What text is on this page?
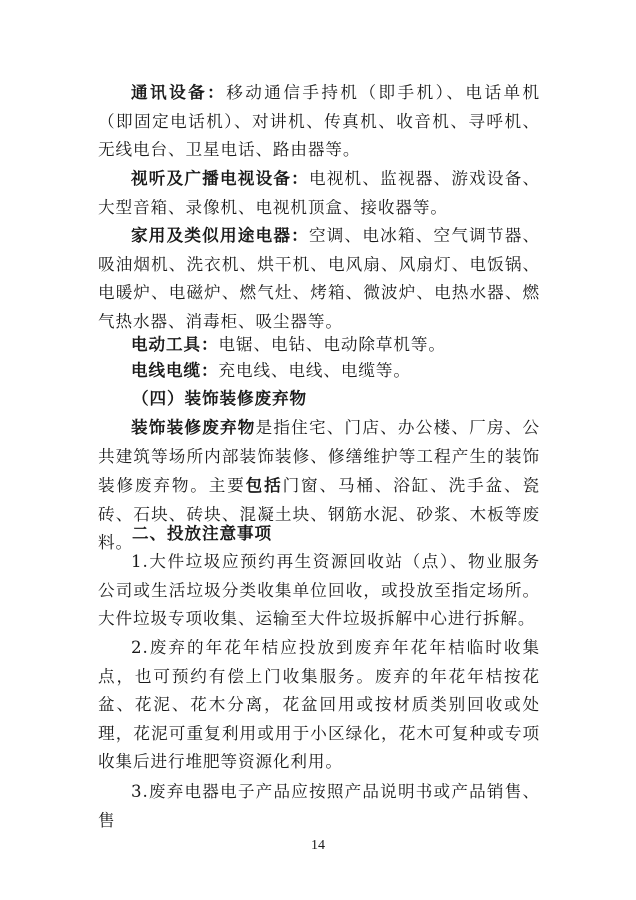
通讯设备：移动通信手持机（即手机）、电话单机（即固定电话机）、对讲机、传真机、收音机、寻呼机、无线电台、卫星电话、路由器等。

视听及广播电视设备：电视机、监视器、游戏设备、大型音箱、录像机、电视机顶盒、接收器等。

家用及类似用途电器：空调、电冰箱、空气调节器、吸油烟机、洗衣机、烘干机、电风扇、风扇灯、电饭锅、电暖炉、电磁炉、燃气灶、烤箱、微波炉、电热水器、燃气热水器、消毒柜、吸尘器等。

电动工具：电锯、电钻、电动除草机等。

电线电缆：充电线、电线、电缆等。

（四）装饰装修废弃物

装饰装修废弃物是指住宅、门店、办公楼、厂房、公共建筑等场所内部装饰装修、修缮维护等工程产生的装饰装修废弃物。主要包括门窗、马桶、浴缸、洗手盆、瓷砖、石块、砖块、混凝土块、钢筋水泥、砂浆、木板等废料。 二、投放注意事项

1.大件垃圾应预约再生资源回收站（点）、物业服务公司或生活垃圾分类收集单位回收，或投放至指定场所。大件垃圾专项收集、运输至大件垃圾拆解中心进行拆解。

2.废弃的年花年桔应投放到废弃年花年桔临时收集点，也可预约有偿上门收集服务。废弃的年花年桔按花盆、花泥、花木分离，花盆回用或按材质类别回收或处理，花泥可重复利用或用于小区绿化，花木可复种或专项收集后进行堆肥等资源化利用。

3.废弃电器电子产品应按照产品说明书或产品销售、售

14
